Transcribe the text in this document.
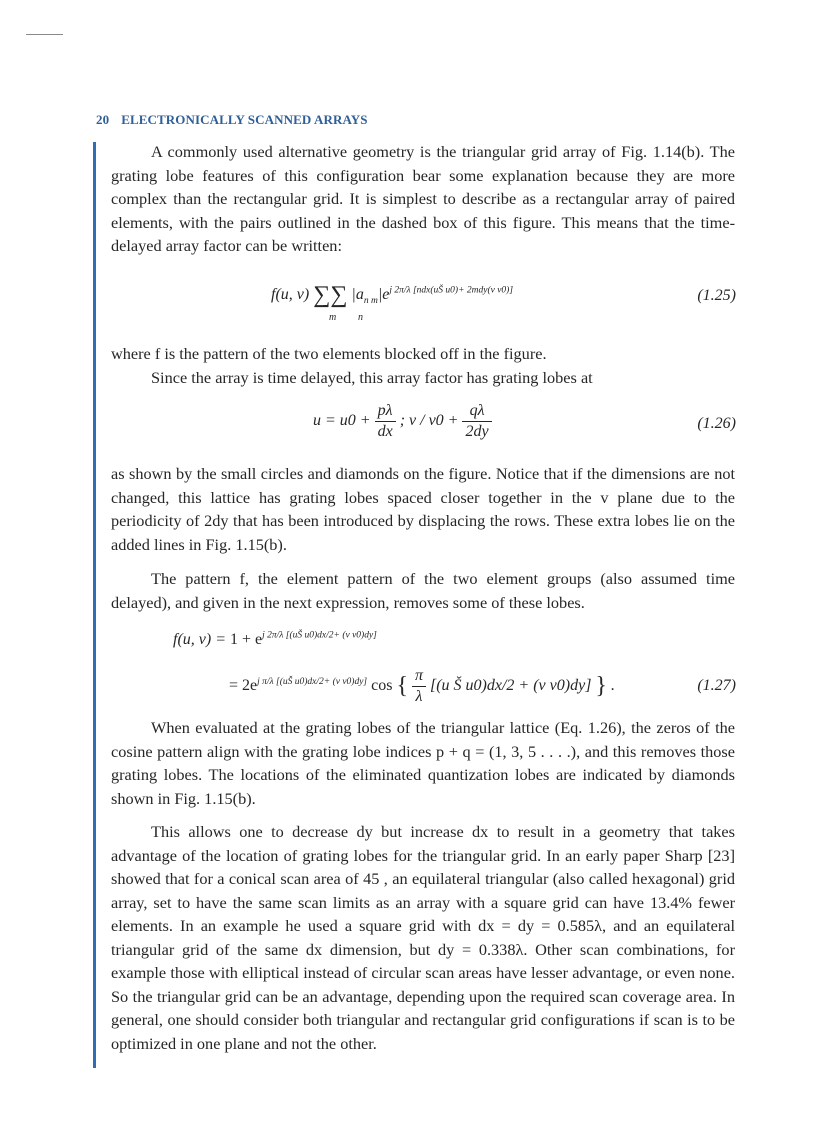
20 ELECTRONICALLY SCANNED ARRAYS
A commonly used alternative geometry is the triangular grid array of Fig. 1.14(b). The grating lobe features of this configuration bear some explanation because they are more complex than the rectangular grid. It is simplest to describe as a rectangular array of paired elements, with the pairs outlined in the dashed box of this figure. This means that the time-delayed array factor can be written:
f(u, v) ∑∑ $|a_{n m}|e^{j 2\pi/\lambda [ndx(uŠ u0)+ 2mdy(v v0)]}$
m n
(1.25)
where f is the pattern of the two elements blocked off in the figure.
Since the array is time delayed, this array factor has grating lobes at
$u = u0 + \frac{p\lambda}{dx}$ ; $v / v0 + \frac{q\lambda}{2dy}$	(1.26)
as shown by the small circles and diamonds on the figure. Notice that if the dimensions are not changed, this lattice has grating lobes spaced closer together in the v plane due to the periodicity of 2dy that has been introduced by displacing the rows. These extra lobes lie on the added lines in Fig. 1.15(b).
The pattern f, the element pattern of the two element groups (also assumed time delayed), and given in the next expression, removes some of these lobes.
f(u, $v) = 1 + e^{j 2\pi/\lambda [(uŠ u0)dx/2+ (v v0)dy]}$
= $2e^{j \pi/\lambda [(uŠ u0)dx/2+ (v v0)dy]}$ cos { $\frac{\pi}{\lambda} [(u$ Š u0)dx/2 + (v v0)dy] } .	(1.27)
When evaluated at the grating lobes of the triangular lattice (Eq. 1.26), the zeros of the cosine pattern align with the grating lobe indices p + q = (1, 3, 5 . . . .), and this removes those grating lobes. The locations of the eliminated quantization lobes are indicated by diamonds shown in Fig. 1.15(b).
This allows one to decrease dy but increase dx to result in a geometry that takes advantage of the location of grating lobes for the triangular grid. In an early paper Sharp [23] showed that for a conical scan area of 45 , an equilateral triangular (also called hexagonal) grid array, set to have the same scan limits as an array with a square grid can have 13.4% fewer elements. In an example he used a square grid with dx = dy = 0.585λ, and an equilateral triangular grid of the same dx dimension, but dy = 0.338λ. Other scan combinations, for example those with elliptical instead of circular scan areas have lesser advantage, or even none. So the triangular grid can be an advantage, depending upon the required scan coverage area. In general, one should consider both triangular and rectangular grid configurations if scan is to be optimized in one plane and not the other.
